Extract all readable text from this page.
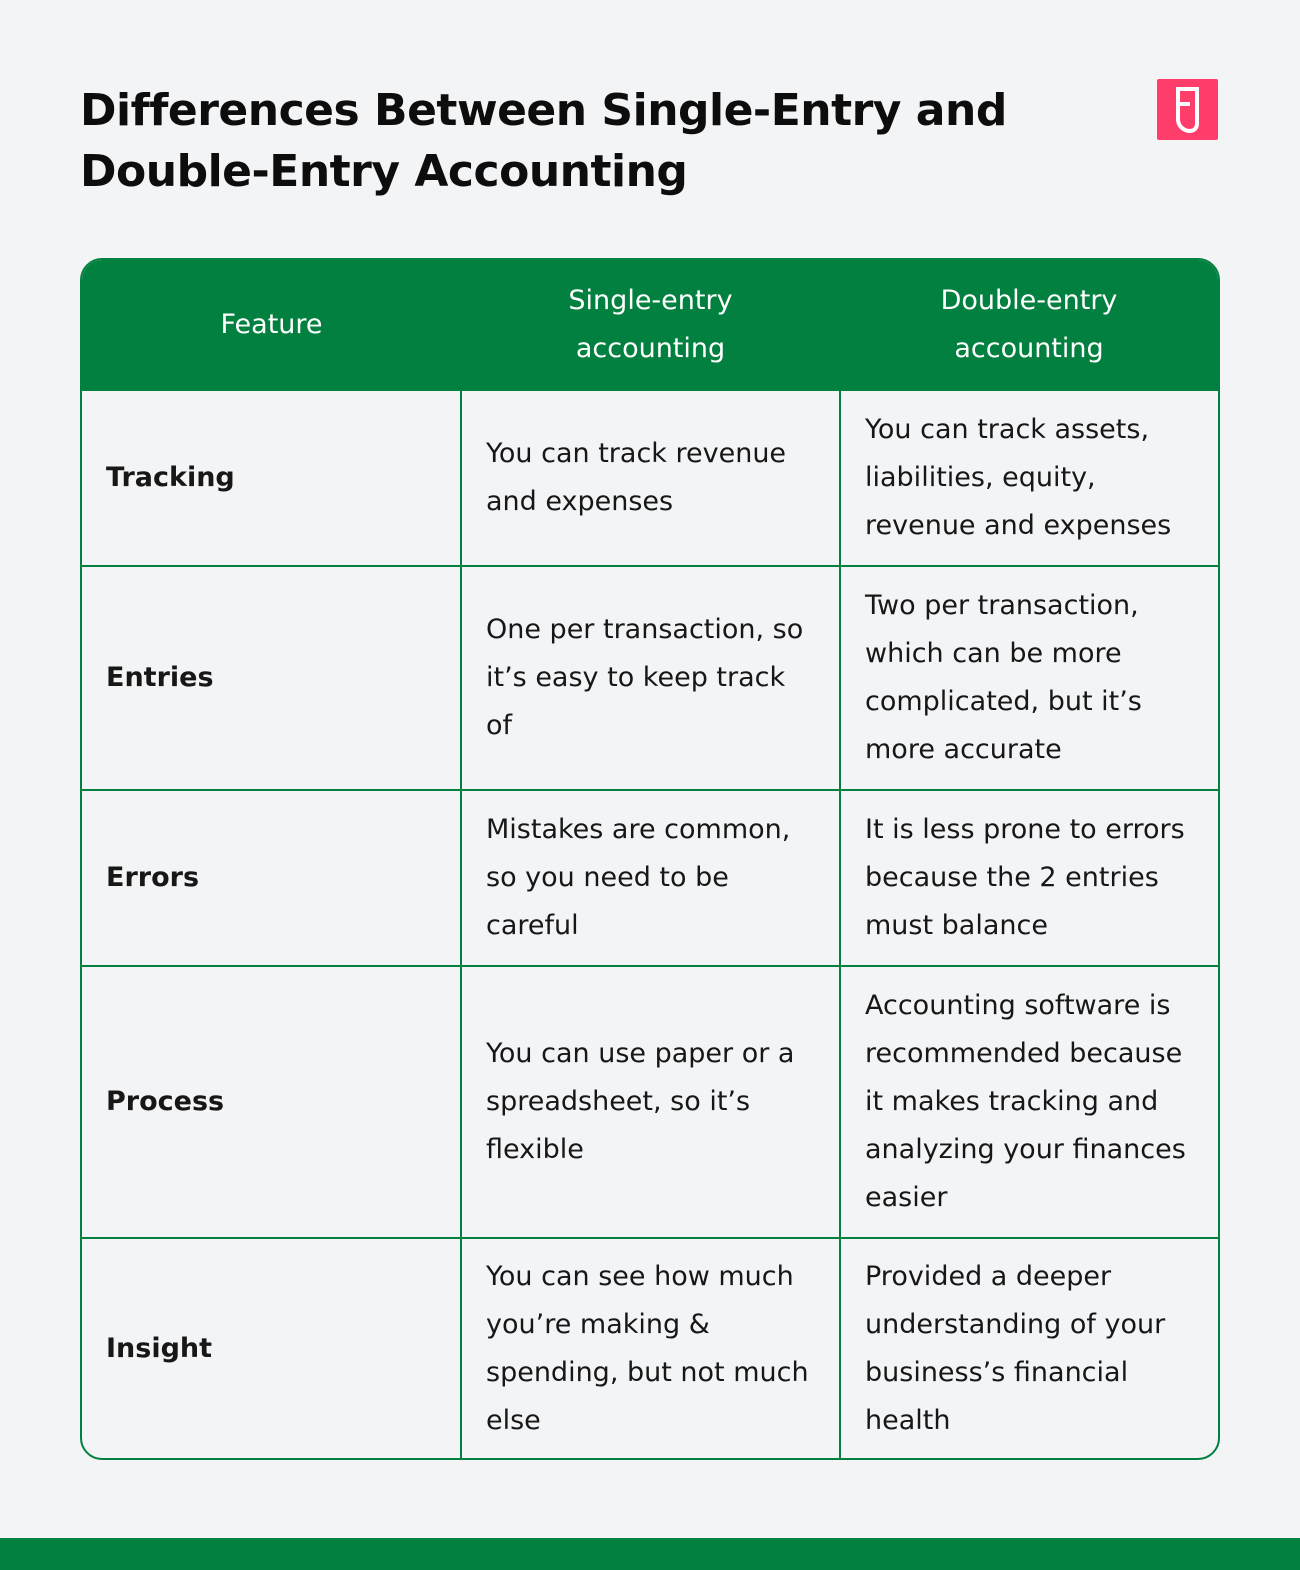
Differences Between Single-Entry and Double-Entry Accounting
Feature	Single-entry accounting	Double-entry accounting
Tracking	You can track revenue and expenses	You can track assets, liabilities, equity, revenue and expenses
Entries	One per transaction, so it’s easy to keep track of	Two per transaction, which can be more complicated, but it’s more accurate
Errors	Mistakes are common, so you need to be careful	It is less prone to errors because the 2 entries must balance
Process	You can use paper or a spreadsheet, so it’s flexible	Accounting software is recommended because it makes tracking and analyzing your finances easier
Insight	You can see how much you’re making & spending, but not much else	Provided a deeper understanding of your business’s financial health
